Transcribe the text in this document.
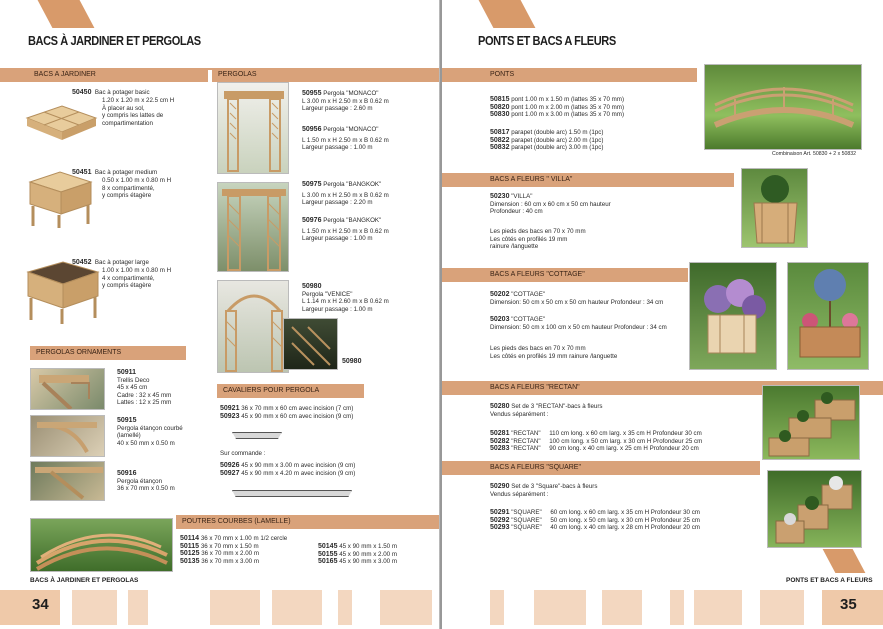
BACS À JARDINER ET PERGOLAS
BACS A JARDINER	PERGOLAS
50450 Bac à potager basic
1.20 x 1.20 m x 22.5 cm H
À placer au sol,
y compris les lattes de
compartimentation
50451 Bac à potager medium
0.50 x 1.00 m x 0.80 m H
8 x compartimenté,
y compris étagère
50452 Bac à potager large
1.00 x 1.00 m x 0.80 m H
4 x compartimenté,
y compris étagère
PERGOLAS ORNAMENTS
50911
Trellis Deco
45 x 45 cm
Cadre : 32 x 45 mm
Lattes : 12 x 25 mm
50915
Pergola étançon courbé
(lamellé)
40 x 50 mm x 0.50 m
50916
Pergola étançon
36 x 70 mm x 0.50 m
50955 Pergola "MONACO"
L 3.00 m x H 2.50 m x B 0.62 m
Largeur passage : 2.60 m
50956 Pergola "MONACO"
L 1.50 m x H 2.50 m x B 0.62 m
Largeur passage : 1.00 m
50975 Pergola "BANGKOK"
L 3.00 m x H 2.50 m x B 0.62 m
Largeur passage : 2.20 m
50976 Pergola "BANGKOK"
L 1.50 m x H 2.50 m x B 0.62 m
Largeur passage : 1.00 m
50980
50980
Pergola "VENICE"
L 1.14 m x H 2.60 m x B 0.62 m
Largeur passage : 1.00 m
CAVALIERS POUR PERGOLA
50921 36 x 70 mm x 60 cm avec incision (7 cm)
50923 45 x 90 mm x 60 cm avec incision (9 cm)
Sur commande :
50926 45 x 90 mm x 3.00 m avec incision (9 cm)
50927 45 x 90 mm x 4.20 m avec incision (9 cm)
POUTRES COURBES (LAMELLE)
50114 36 x 70 mm x 1.00 m 1/2 cercle
50115 36 x 70 mm x 1.50 m
50125 36 x 70 mm x 2.00 m
50135 36 x 70 mm x 3.00 m
50145 45 x 90 mm x 1.50 m
50155 45 x 90 mm x 2.00 m
50165 45 x 90 mm x 3.00 m
BACS À JARDINER ET PERGOLAS
34
PONTS ET BACS A FLEURS
PONTS
50815 pont 1.00 m x 1.50 m (lattes 35 x 70 mm)
50820 pont 1.00 m x 2.00 m (lattes 35 x 70 mm)
50830 pont 1.00 m x 3.00 m (lattes 35 x 70 mm)
50817 parapet (double arc) 1.50 m (1pc)
50822 parapet (double arc) 2.00 m (1pc)
50832 parapet (double arc) 3.00 m (1pc)
Combinaison Art. 50830 + 2 x 50832
BACS A FLEURS " VILLA"
50230 "VILLA"
Dimension : 60 cm x 60 cm x 50 cm hauteur
Profondeur : 40 cm
Les pieds des bacs en 70 x 70 mm
Les côtés en profilés 19 mm
rainure /languette
BACS A FLEURS "COTTAGE"
50202 "COTTAGE"
Dimension: 50 cm x 50 cm x 50 cm hauteur Profondeur : 34 cm
50203 "COTTAGE"
Dimension: 50 cm x 100 cm x 50 cm hauteur Profondeur : 34 cm
Les pieds des bacs en 70 x 70 mm
Les côtés en profilés 19 mm rainure /languette
BACS A FLEURS "RECTAN"
50280 Set de 3 "RECTAN"-bacs à fleurs
Vendus séparément :
50281 "RECTAN" 110 cm long. x 60 cm larg. x 35 cm H Profondeur 30 cm
50282 "RECTAN" 100 cm long. x 50 cm larg. x 30 cm H Profondeur 25 cm
50283 "RECTAN"     90 cm long. x 40 cm larg. x 25 cm H Profondeur 20 cm
BACS A FLEURS "SQUARE"
50290 Set de 3 "Square"-bacs à fleurs
Vendus séparément :
50291 "SQUARE" 60 cm long. x 60 cm larg. x 35 cm H Profondeur 30 cm
50292 "SQUARE" 50 cm long. x 50 cm larg. x 30 cm H Profondeur 25 cm
50293 "SQUARE" 40 cm long. x 40 cm larg. x 28 cm H Profondeur 20 cm
PONTS ET BACS A FLEURS
35
